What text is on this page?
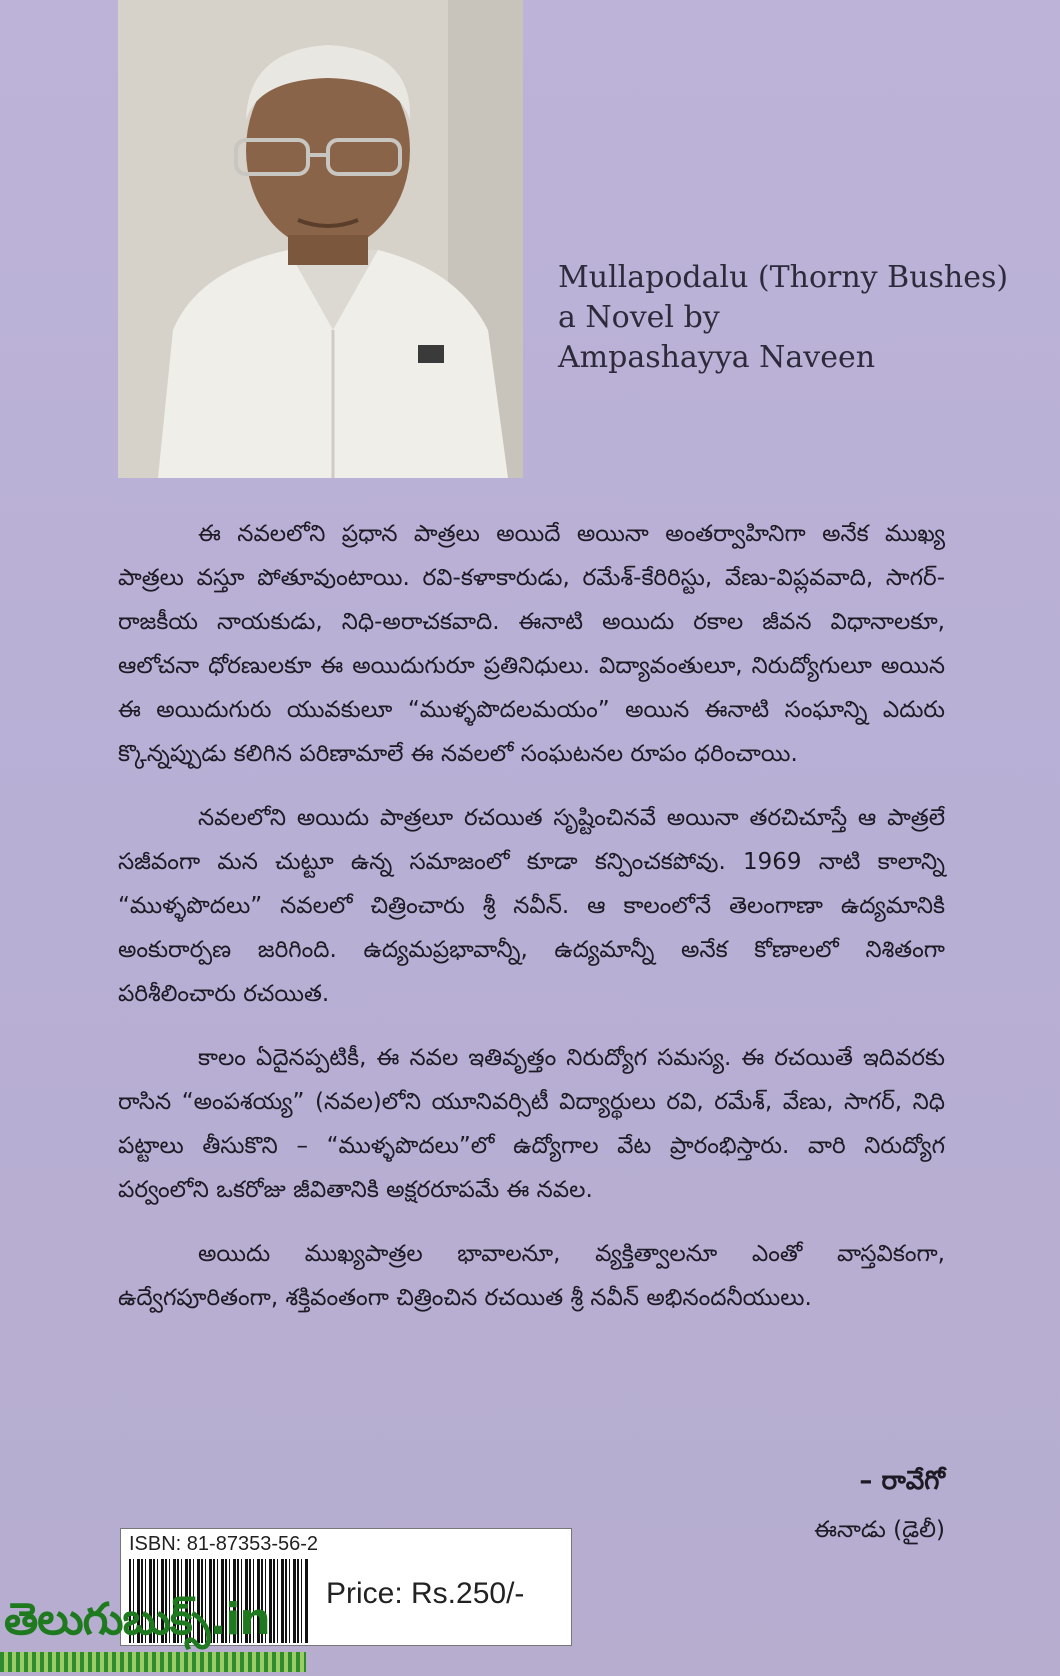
Mullapodalu (Thorny Bushes)
a Novel by
Ampashayya Naveen

ఈ నవలలోని ప్రధాన పాత్రలు అయిదే అయినా అంతర్వాహినిగా అనేక ముఖ్య పాత్రలు వస్తూ పోతూవుంటాయి. రవి-కళాకారుడు, రమేశ్-కేరిరిస్టు, వేణు-విప్లవవాది, సాగర్-రాజకీయ నాయకుడు, నిధి-అరాచకవాది. ఈనాటి అయిదు రకాల జీవన విధానాలకూ, ఆలోచనా ధోరణులకూ ఈ అయిదుగురూ ప్రతినిధులు. విద్యావంతులూ, నిరుద్యోగులూ అయిన ఈ అయిదుగురు యువకులూ “ముళ్ళపొదలమయం” అయిన ఈనాటి సంఘాన్ని ఎదురు క్కొన్నప్పుడు కలిగిన పరిణామాలే ఈ నవలలో సంఘటనల రూపం ధరించాయి.

నవలలోని అయిదు పాత్రలూ రచయిత సృష్టించినవే అయినా తరచిచూస్తే ఆ పాత్రలే సజీవంగా మన చుట్టూ ఉన్న సమాజంలో కూడా కన్పించకపోవు. 1969 నాటి కాలాన్ని “ముళ్ళపొదలు” నవలలో చిత్రించారు శ్రీ నవీన్. ఆ కాలంలోనే తెలంగాణా ఉద్యమానికి అంకురార్పణ జరిగింది. ఉద్యమప్రభావాన్నీ, ఉద్యమాన్నీ అనేక కోణాలలో నిశితంగా పరిశీలించారు రచయిత.

కాలం ఏదైనప్పటికీ, ఈ నవల ఇతివృత్తం నిరుద్యోగ సమస్య. ఈ రచయితే ఇదివరకు రాసిన “అంపశయ్య” (నవల)లోని యూనివర్సిటీ విద్యార్థులు రవి, రమేశ్, వేణు, సాగర్, నిధి పట్టాలు తీసుకొని – “ముళ్ళపొదలు”లో ఉద్యోగాల వేట ప్రారంభిస్తారు. వారి నిరుద్యోగ పర్వంలోని ఒకరోజు జీవితానికి అక్షరరూపమే ఈ నవల.

అయిదు ముఖ్యపాత్రల భావాలనూ, వ్యక్తిత్వాలనూ ఎంతో వాస్తవికంగా, ఉద్వేగపూరితంగా, శక్తివంతంగా చిత్రించిన రచయిత శ్రీ నవీన్ అభినందనీయులు.

– రావేగో
ఈనాడు (డైలీ)
ISBN: 81-87353-56-2
Price: Rs.250/-
తెలుగుబుక్స్.in
